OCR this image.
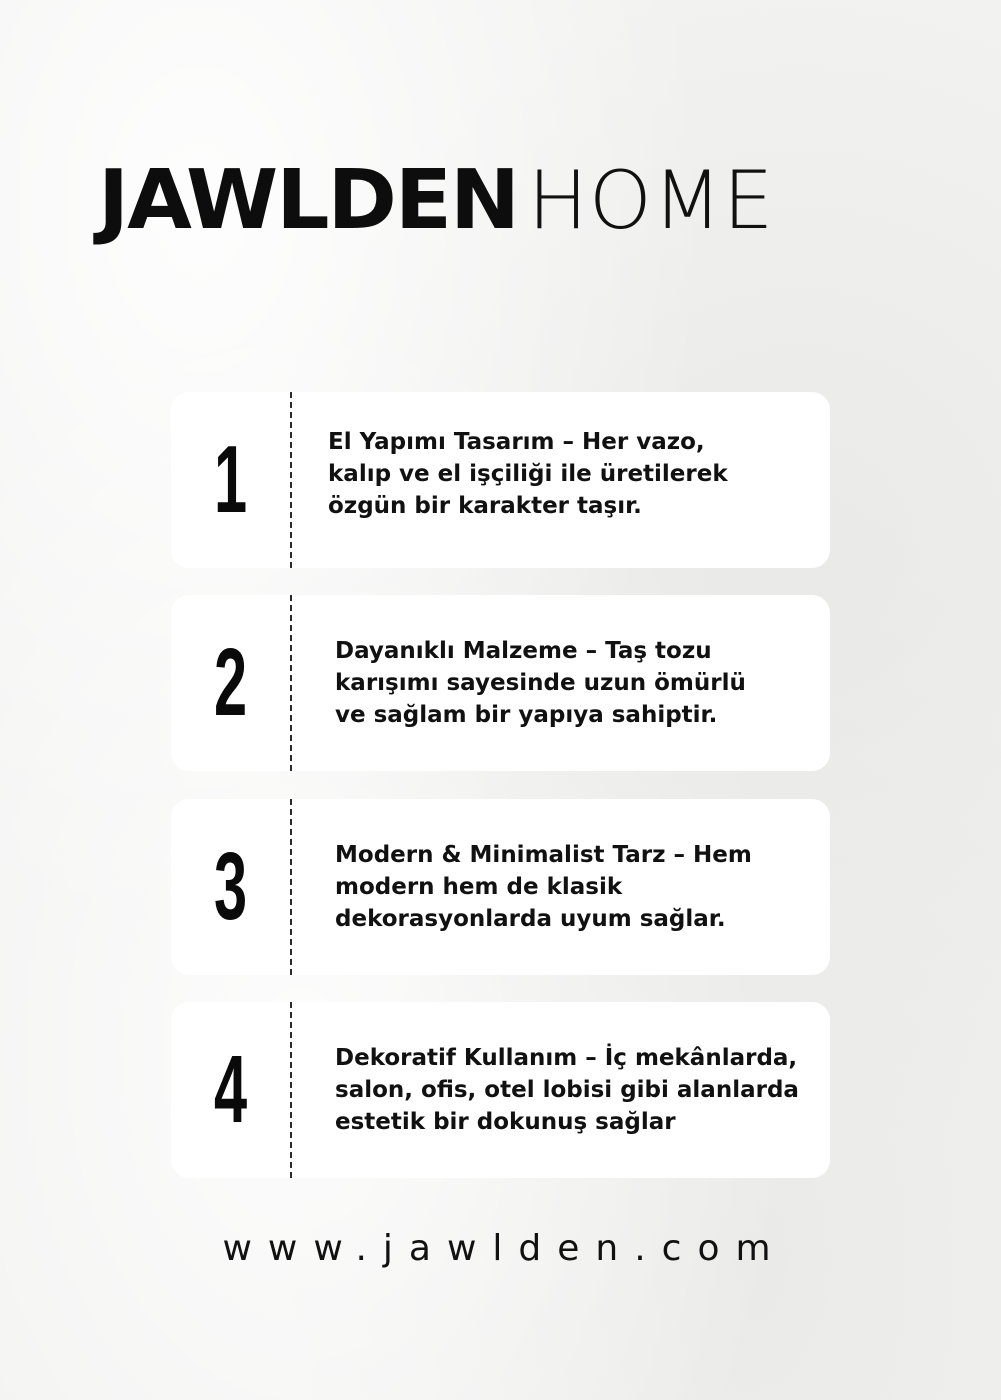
JAWLDEN HOME
1	El Yapımı Tasarım – Her vazo,
kalıp ve el işçiliği ile üretilerek
özgün bir karakter taşır.
2	Dayanıklı Malzeme – Taş tozu
karışımı sayesinde uzun ömürlü
ve sağlam bir yapıya sahiptir.
3	Modern & Minimalist Tarz – Hem
modern hem de klasik
dekorasyonlarda uyum sağlar.
4	Dekoratif Kullanım – İç mekânlarda,
salon, ofis, otel lobisi gibi alanlarda
estetik bir dokunuş sağlar
www.jawlden.com
